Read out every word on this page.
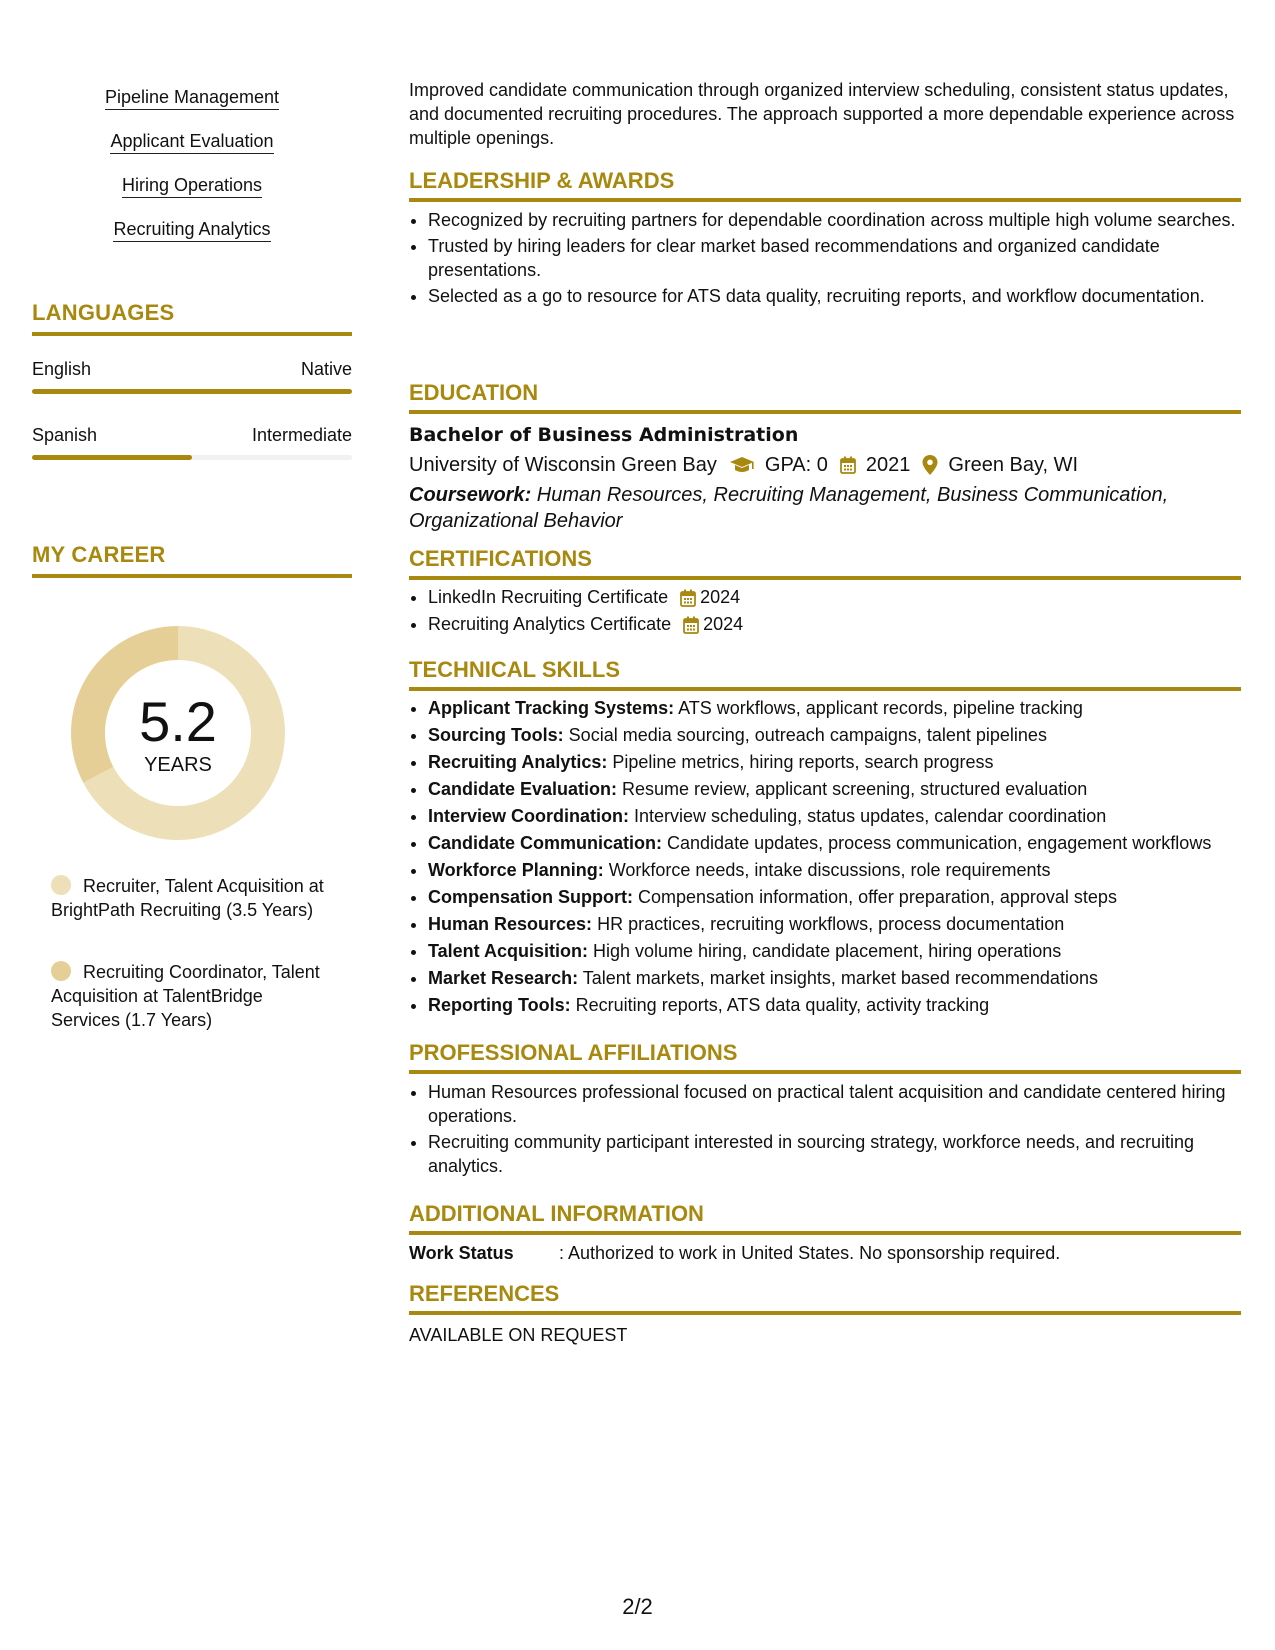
Pipeline Management
Applicant Evaluation
Hiring Operations
Recruiting Analytics
LANGUAGES
English	Native
Spanish	Intermediate
MY CAREER
5.2
YEARS
Recruiter, Talent Acquisition at BrightPath Recruiting (3.5 Years)
Recruiting Coordinator, Talent Acquisition at TalentBridge Services (1.7 Years)
Improved candidate communication through organized interview scheduling, consistent status updates, and documented recruiting procedures. The approach supported a more dependable experience across multiple openings.
LEADERSHIP & AWARDS
• Recognized by recruiting partners for dependable coordination across multiple high volume searches.
• Trusted by hiring leaders for clear market based recommendations and organized candidate presentations.
• Selected as a go to resource for ATS data quality, recruiting reports, and workflow documentation.
EDUCATION
Bachelor of Business Administration
University of Wisconsin Green Bay GPA: 0 2021 Green Bay, WI
Coursework: Human Resources, Recruiting Management, Business Communication, Organizational Behavior
CERTIFICATIONS
• LinkedIn Recruiting Certificate 2024
• Recruiting Analytics Certificate 2024
TECHNICAL SKILLS
• Applicant Tracking Systems: ATS workflows, applicant records, pipeline tracking
• Sourcing Tools: Social media sourcing, outreach campaigns, talent pipelines
• Recruiting Analytics: Pipeline metrics, hiring reports, search progress
• Candidate Evaluation: Resume review, applicant screening, structured evaluation
• Interview Coordination: Interview scheduling, status updates, calendar coordination
• Candidate Communication: Candidate updates, process communication, engagement workflows
• Workforce Planning: Workforce needs, intake discussions, role requirements
• Compensation Support: Compensation information, offer preparation, approval steps
• Human Resources: HR practices, recruiting workflows, process documentation
• Talent Acquisition: High volume hiring, candidate placement, hiring operations
• Market Research: Talent markets, market insights, market based recommendations
• Reporting Tools: Recruiting reports, ATS data quality, activity tracking
PROFESSIONAL AFFILIATIONS
• Human Resources professional focused on practical talent acquisition and candidate centered hiring operations.
• Recruiting community participant interested in sourcing strategy, workforce needs, and recruiting analytics.
ADDITIONAL INFORMATION
Work Status	: Authorized to work in United States. No sponsorship required.
REFERENCES
AVAILABLE ON REQUEST
2/2
